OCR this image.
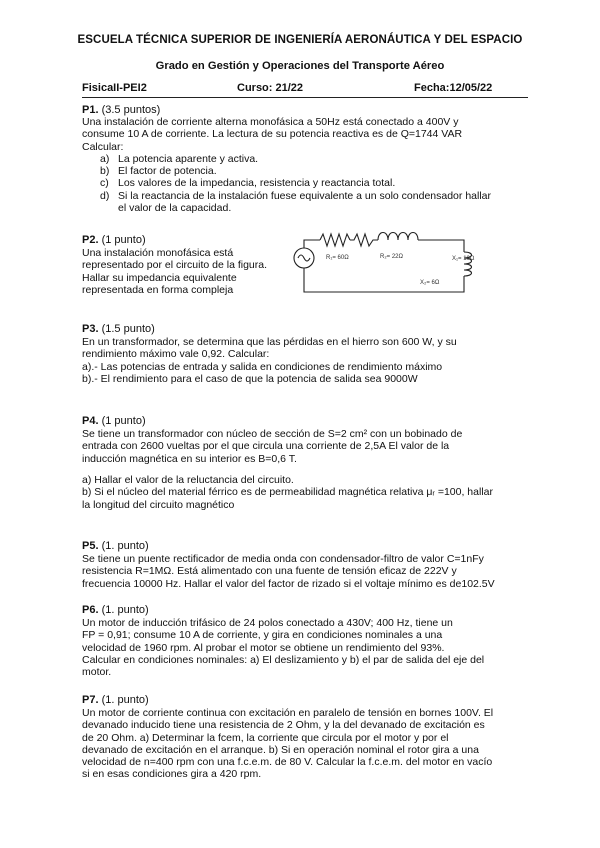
ESCUELA TÉCNICA SUPERIOR DE INGENIERÍA AERONÁUTICA Y DEL ESPACIO
Grado en Gestión y Operaciones del Transporte Aéreo
FisicaII-PEI2	Curso: 21/22	Fecha:12/05/22
P1. (3.5 puntos)
Una instalación de corriente alterna monofásica a 50Hz está conectado a 400V y
consume 10 A de corriente. La lectura de su potencia reactiva es de Q=1744 VAR
Calcular:
a) La potencia aparente y activa.
b) El factor de potencia.
c) Los valores de la impedancia, resistencia y reactancia total.
d) Si la reactancia de la instalación fuese equivalente a un solo condensador hallar
el valor de la capacidad.
P2. (1 punto)
Una instalación monofásica está
representado por el circuito de la figura.
Hallar su impedancia equivalente
representada en forma compleja
R₁= 60Ω	R₂= 22Ω	X₁= 10Ω
X₂= 6Ω
P3. (1.5 punto)
En un transformador, se determina que las pérdidas en el hierro son 600 W, y su
rendimiento máximo vale 0,92. Calcular:
a).- Las potencias de entrada y salida en condiciones de rendimiento máximo
b).- El rendimiento para el caso de que la potencia de salida sea 9000W
P4. (1 punto)
Se tiene un transformador con núcleo de sección de S=2 cm² con un bobinado de
entrada con 2600 vueltas por el que circula una corriente de 2,5A El valor de la
inducción magnética en su interior es B=0,6 T.
a) Hallar el valor de la reluctancia del circuito.
b) Si el núcleo del material férrico es de permeabilidad magnética relativa μᵣ =100, hallar
la longitud del circuito magnético
P5. (1. punto)
Se tiene un puente rectificador de media onda con condensador-filtro de valor C=1nFy
resistencia R=1MΩ. Está alimentado con una fuente de tensión eficaz de 222V y
frecuencia 10000 Hz. Hallar el valor del factor de rizado si el voltaje mínimo es de102.5V
P6. (1. punto)
Un motor de inducción trifásico de 24 polos conectado a 430V; 400 Hz, tiene un
FP = 0,91; consume 10 A de corriente, y gira en condiciones nominales a una
velocidad de 1960 rpm. Al probar el motor se obtiene un rendimiento del 93%.
Calcular en condiciones nominales: a) El deslizamiento y b) el par de salida del eje del
motor.
P7. (1. punto)
Un motor de corriente continua con excitación en paralelo de tensión en bornes 100V. El
devanado inducido tiene una resistencia de 2 Ohm, y la del devanado de excitación es
de 20 Ohm. a) Determinar la fcem, la corriente que circula por el motor y por el
devanado de excitación en el arranque. b) Si en operación nominal el rotor gira a una
velocidad de n=400 rpm con una f.c.e.m. de 80 V. Calcular la f.c.e.m. del motor en vacío
si en esas condiciones gira a 420 rpm.
